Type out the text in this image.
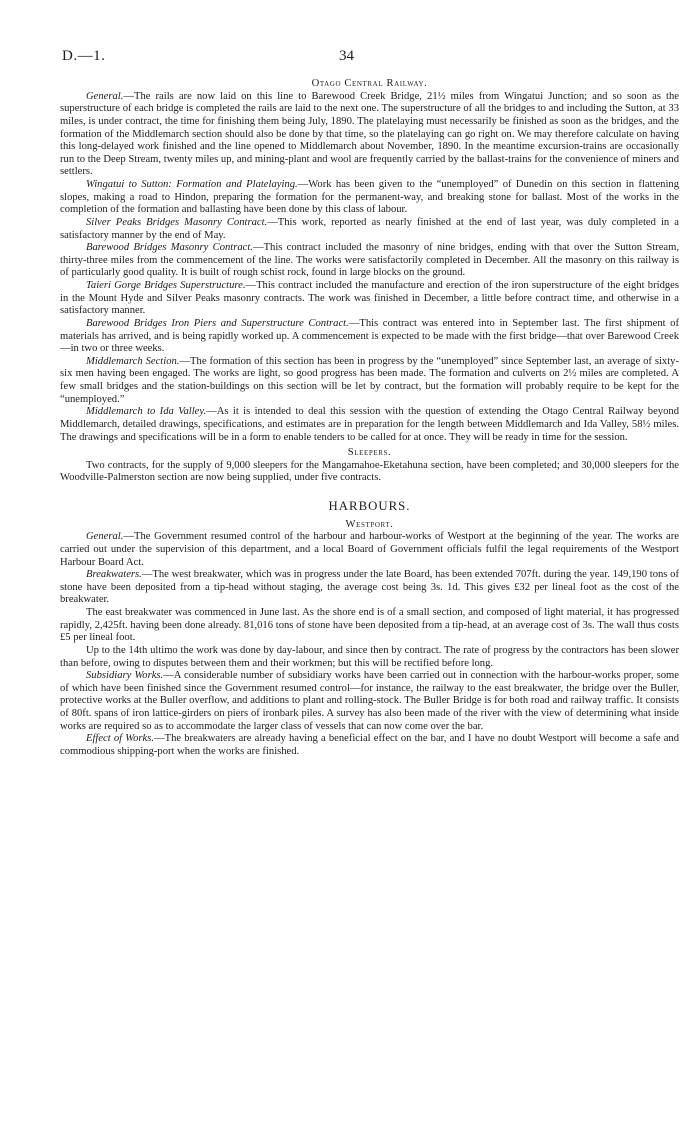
D.—1.	34
Otago Central Railway.

General.—The rails are now laid on this line to Barewood Creek Bridge, 21½ miles from Wingatui Junction; and so soon as the superstructure of each bridge is completed the rails are laid to the next one. The superstructure of all the bridges to and including the Sutton, at 33 miles, is under contract, the time for finishing them being July, 1890. The platelaying must necessarily be finished as soon as the bridges, and the formation of the Middlemarch section should also be done by that time, so the platelaying can go right on. We may therefore calculate on having this long-delayed work finished and the line opened to Middlemarch about November, 1890. In the meantime excursion-trains are occasionally run to the Deep Stream, twenty miles up, and mining-plant and wool are frequently carried by the ballast-trains for the convenience of miners and settlers.

Wingatui to Sutton: Formation and Platelaying.—Work has been given to the “unemployed” of Dunedin on this section in flattening slopes, making a road to Hindon, preparing the formation for the permanent-way, and breaking stone for ballast. Most of the works in the completion of the formation and ballasting have been done by this class of labour.

Silver Peaks Bridges Masonry Contract.—This work, reported as nearly finished at the end of last year, was duly completed in a satisfactory manner by the end of May.

Barewood Bridges Masonry Contract.—This contract included the masonry of nine bridges, ending with that over the Sutton Stream, thirty-three miles from the commencement of the line. The works were satisfactorily completed in December. All the masonry on this railway is of particularly good quality. It is built of rough schist rock, found in large blocks on the ground.

Taieri Gorge Bridges Superstructure.—This contract included the manufacture and erection of the iron superstructure of the eight bridges in the Mount Hyde and Silver Peaks masonry contracts. The work was finished in December, a little before contract time, and otherwise in a satisfactory manner.

Barewood Bridges Iron Piers and Superstructure Contract.—This contract was entered into in September last. The first shipment of materials has arrived, and is being rapidly worked up. A commencement is expected to be made with the first bridge—that over Barewood Creek—in two or three weeks.

Middlemarch Section.—The formation of this section has been in progress by the “unemployed” since September last, an average of sixty-six men having been engaged. The works are light, so good progress has been made. The formation and culverts on 2½ miles are completed. A few small bridges and the station-buildings on this section will be let by contract, but the formation will probably require to be kept for the “unemployed.”

Middlemarch to Ida Valley.—As it is intended to deal this session with the question of extending the Otago Central Railway beyond Middlemarch, detailed drawings, specifications, and estimates are in preparation for the length between Middlemarch and Ida Valley, 58½ miles. The drawings and specifications will be in a form to enable tenders to be called for at once. They will be ready in time for the session.

Sleepers.

Two contracts, for the supply of 9,000 sleepers for the Mangamahoe-Eketahuna section, have been completed; and 30,000 sleepers for the Woodville-Palmerston section are now being supplied, under five contracts.

HARBOURS.
Westport.

General.—The Government resumed control of the harbour and harbour-works of Westport at the beginning of the year. The works are carried out under the supervision of this department, and a local Board of Government officials fulfil the legal requirements of the Westport Harbour Board Act.

Breakwaters.—The west breakwater, which was in progress under the late Board, has been extended 707ft. during the year. 149,190 tons of stone have been deposited from a tip-head without staging, the average cost being 3s. 1d. This gives £32 per lineal foot as the cost of the breakwater.

The east breakwater was commenced in June last. As the shore end is of a small section, and composed of light material, it has progressed rapidly, 2,425ft. having been done already. 81,016 tons of stone have been deposited from a tip-head, at an average cost of 3s. The wall thus costs £5 per lineal foot.

Up to the 14th ultimo the work was done by day-labour, and since then by contract. The rate of progress by the contractors has been slower than before, owing to disputes between them and their workmen; but this will be rectified before long.

Subsidiary Works.—A considerable number of subsidiary works have been carried out in connection with the harbour-works proper, some of which have been finished since the Government resumed control—for instance, the railway to the east breakwater, the bridge over the Buller, protective works at the Buller overflow, and additions to plant and rolling-stock. The Buller Bridge is for both road and railway traffic. It consists of 80ft. spans of iron lattice-girders on piers of ironbark piles. A survey has also been made of the river with the view of determining what inside works are required so as to accommodate the larger class of vessels that can now come over the bar.

Effect of Works.—The breakwaters are already having a beneficial effect on the bar, and I have no doubt Westport will become a safe and commodious shipping-port when the works are finished.
